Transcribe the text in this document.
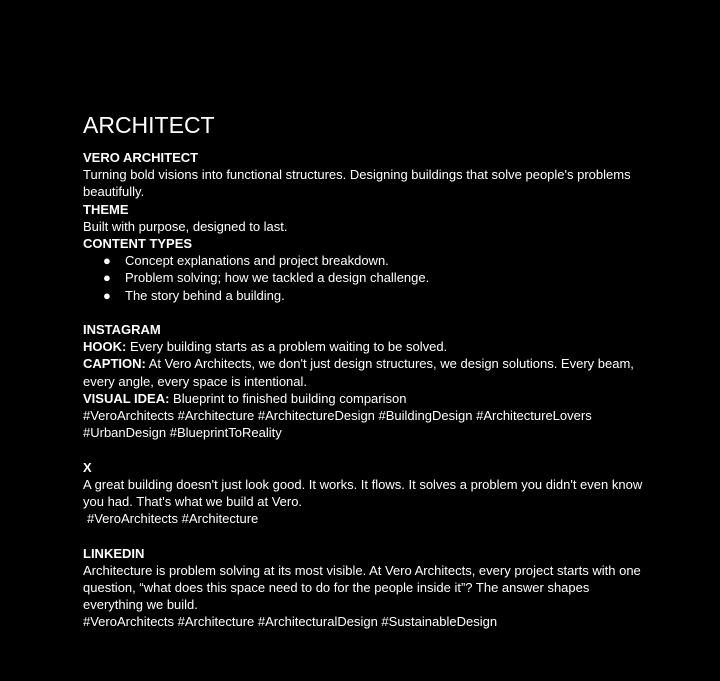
ARCHITECT

VERO ARCHITECT

Turning bold visions into functional structures. Designing buildings that solve people's problems beautifully.

THEME

Built with purpose, designed to last.

CONTENT TYPES

● Concept explanations and project breakdown.
● Problem solving; how we tackled a design challenge.
● The story behind a building.

INSTAGRAM

HOOK: Every building starts as a problem waiting to be solved.

CAPTION: At Vero Architects, we don't just design structures, we design solutions. Every beam, every angle, every space is intentional.

VISUAL IDEA: Blueprint to finished building comparison

#VeroArchitects #Architecture #ArchitectureDesign #BuildingDesign #ArchitectureLovers #UrbanDesign #BlueprintToReality

X

A great building doesn't just look good. It works. It flows. It solves a problem you didn't even know you had. That's what we build at Vero.

#VeroArchitects #Architecture

LINKEDIN

Architecture is problem solving at its most visible. At Vero Architects, every project starts with one question, “what does this space need to do for the people inside it”? The answer shapes everything we build.

#VeroArchitects #Architecture #ArchitecturalDesign #SustainableDesign
